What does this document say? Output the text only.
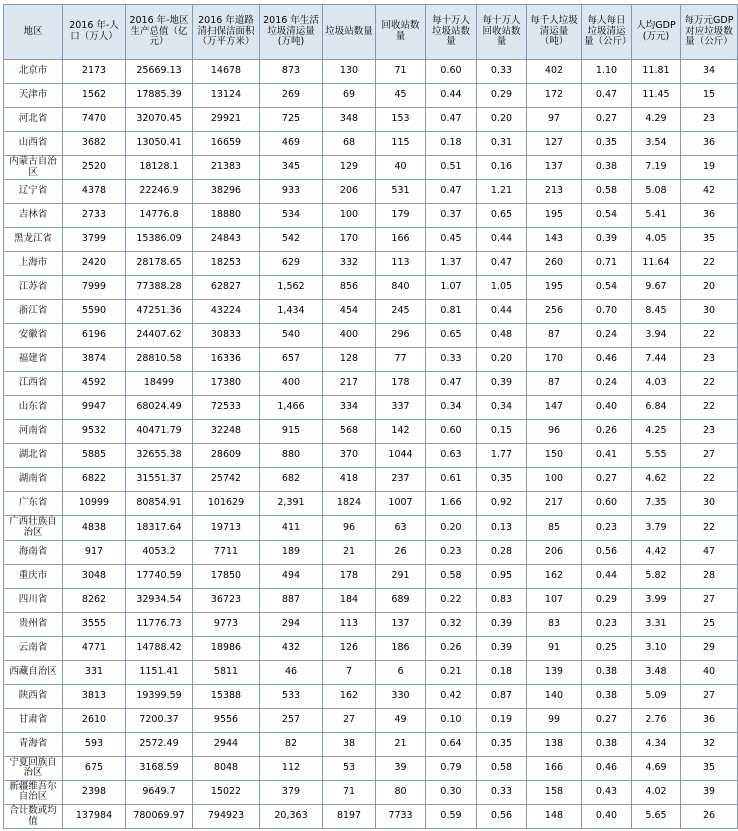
地区	2016 年-人口（万人）	2016 年-地区生产总值（亿元）	2016 年道路清扫保洁面积（万平方米）	2016 年生活垃圾清运量(万吨)	垃圾站数量	回收站数量	每十万人垃圾站数量	每十万人回收站数量	每千人垃圾清运量（吨）	每人每日垃圾清运量（公斤）	人均GDP(万元)	每万元GDP对应垃圾数量（公斤）
北京市	2173	25669.13	14678	873	130	71	0.60	0.33	402	1.10	11.81	34
天津市	1562	17885.39	13124	269	69	45	0.44	0.29	172	0.47	11.45	15
河北省	7470	32070.45	29921	725	348	153	0.47	0.20	97	0.27	4.29	23
山西省	3682	13050.41	16659	469	68	115	0.18	0.31	127	0.35	3.54	36
内蒙古自治区	2520	18128.1	21383	345	129	40	0.51	0.16	137	0.38	7.19	19
辽宁省	4378	22246.9	38296	933	206	531	0.47	1.21	213	0.58	5.08	42
吉林省	2733	14776.8	18880	534	100	179	0.37	0.65	195	0.54	5.41	36
黑龙江省	3799	15386.09	24843	542	170	166	0.45	0.44	143	0.39	4.05	35
上海市	2420	28178.65	18253	629	332	113	1.37	0.47	260	0.71	11.64	22
江苏省	7999	77388.28	62827	1,562	856	840	1.07	1.05	195	0.54	9.67	20
浙江省	5590	47251.36	43224	1,434	454	245	0.81	0.44	256	0.70	8.45	30
安徽省	6196	24407.62	30833	540	400	296	0.65	0.48	87	0.24	3.94	22
福建省	3874	28810.58	16336	657	128	77	0.33	0.20	170	0.46	7.44	23
江西省	4592	18499	17380	400	217	178	0.47	0.39	87	0.24	4.03	22
山东省	9947	68024.49	72533	1,466	334	337	0.34	0.34	147	0.40	6.84	22
河南省	9532	40471.79	32248	915	568	142	0.60	0.15	96	0.26	4.25	23
湖北省	5885	32655.38	28609	880	370	1044	0.63	1.77	150	0.41	5.55	27
湖南省	6822	31551.37	25742	682	418	237	0.61	0.35	100	0.27	4.62	22
广东省	10999	80854.91	101629	2,391	1824	1007	1.66	0.92	217	0.60	7.35	30
广西壮族自治区	4838	18317.64	19713	411	96	63	0.20	0.13	85	0.23	3.79	22
海南省	917	4053.2	7711	189	21	26	0.23	0.28	206	0.56	4.42	47
重庆市	3048	17740.59	17850	494	178	291	0.58	0.95	162	0.44	5.82	28
四川省	8262	32934.54	36723	887	184	689	0.22	0.83	107	0.29	3.99	27
贵州省	3555	11776.73	9773	294	113	137	0.32	0.39	83	0.23	3.31	25
云南省	4771	14788.42	18986	432	126	186	0.26	0.39	91	0.25	3.10	29
西藏自治区	331	1151.41	5811	46	7	6	0.21	0.18	139	0.38	3.48	40
陕西省	3813	19399.59	15388	533	162	330	0.42	0.87	140	0.38	5.09	27
甘肃省	2610	7200.37	9556	257	27	49	0.10	0.19	99	0.27	2.76	36
青海省	593	2572.49	2944	82	38	21	0.64	0.35	138	0.38	4.34	32
宁夏回族自治区	675	3168.59	8048	112	53	39	0.79	0.58	166	0.46	4.69	35
新疆维吾尔自治区	2398	9649.7	15022	379	71	80	0.30	0.33	158	0.43	4.02	39
合计数或均值	137984	780069.97	794923	20,363	8197	7733	0.59	0.56	148	0.40	5.65	26
